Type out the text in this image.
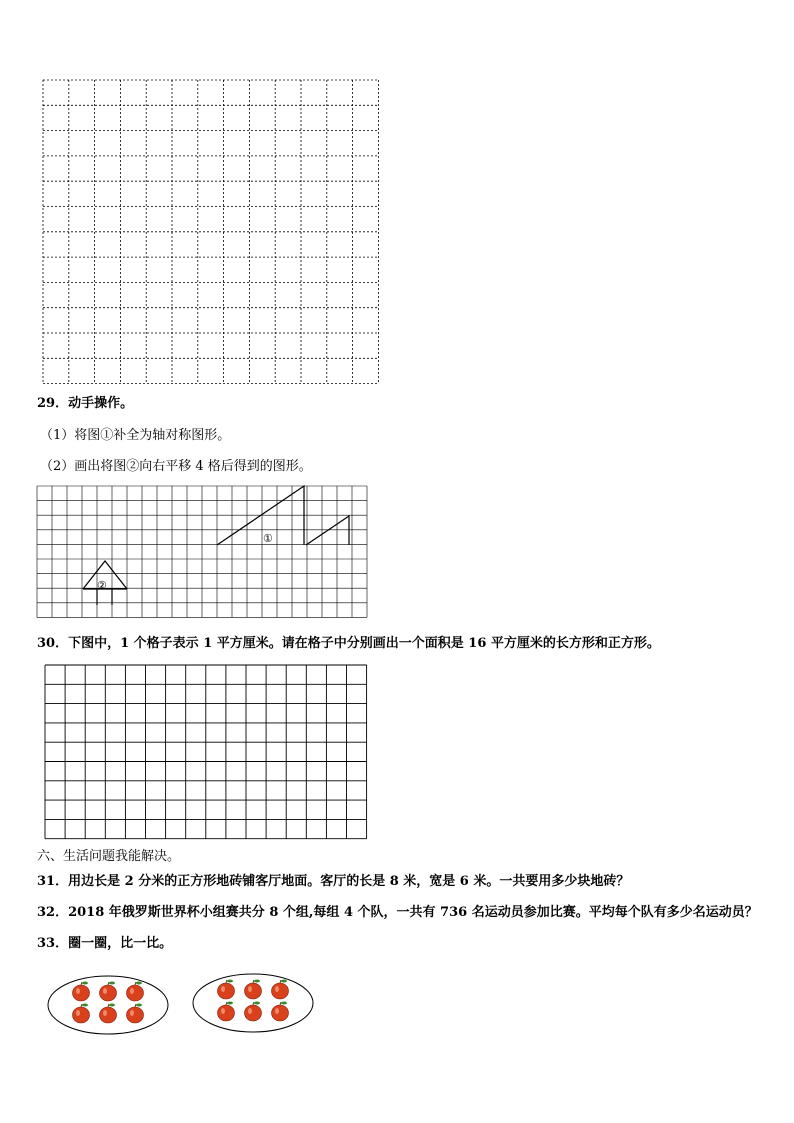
29．动手操作。
（1）将图①补全为轴对称图形。
（2）画出将图②向右平移 4 格后得到的图形。
①
②
30．下图中，1 个格子表示 1 平方厘米。请在格子中分别画出一个面积是 16 平方厘米的长方形和正方形。
六、生活问题我能解决。
31．用边长是 2 分米的正方形地砖铺客厅地面。客厅的长是 8 米，宽是 6 米。一共要用多少块地砖？
32．2018 年俄罗斯世界杯小组赛共分 8 个组,每组 4 个队，一共有 736 名运动员参加比赛。平均每个队有多少名运动员？
33．圈一圈，比一比。
